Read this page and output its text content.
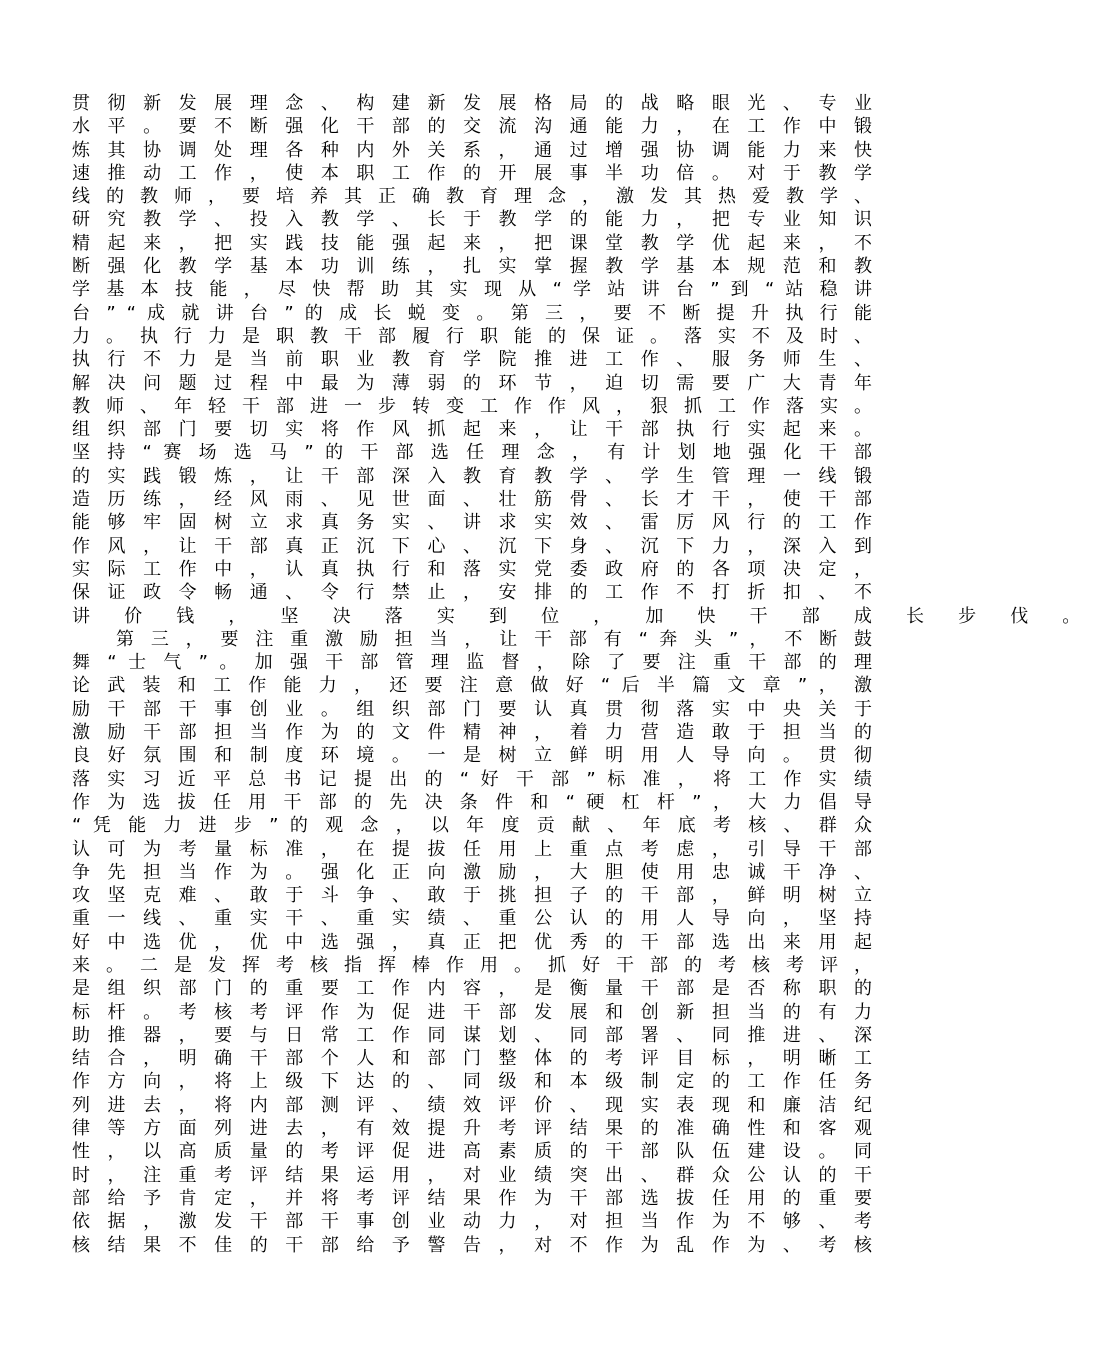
贯 彻 新 发 展 理 念 、 构 建 新 发 展 格 局 的 战 略 眼 光 、 专 业
水 平 。 要 不 断 强 化 干 部 的 交 流 沟 通 能 力 ， 在 工 作 中 锻
炼 其 协 调 处 理 各 种 内 外 关 系 ， 通 过 增 强 协 调 能 力 来 快
速 推 动 工 作 ， 使 本 职 工 作 的 开 展 事 半 功 倍 。 对 于 教 学
线 的 教 师 ， 要 培 养 其 正 确 教 育 理 念 ， 激 发 其 热 爱 教 学 、
研 究 教 学 、 投 入 教 学 、 长 于 教 学 的 能 力 ， 把 专 业 知 识
精 起 来 ， 把 实 践 技 能 强 起 来 ， 把 课 堂 教 学 优 起 来 ， 不
断 强 化 教 学 基 本 功 训 练 ， 扎 实 掌 握 教 学 基 本 规 范 和 教
学 基 本 技 能 ， 尽 快 帮 助 其 实 现 从 “ 学 站 讲 台 ” 到 “ 站 稳 讲
台 ” “ 成 就 讲 台 ” 的 成 长 蜕 变 。 第 三 ， 要 不 断 提 升 执 行 能
力 。 执 行 力 是 职 教 干 部 履 行 职 能 的 保 证 。 落 实 不 及 时 、
执 行 不 力 是 当 前 职 业 教 育 学 院 推 进 工 作 、 服 务 师 生 、
解 决 问 题 过 程 中 最 为 薄 弱 的 环 节 ， 迫 切 需 要 广 大 青 年
教 师 、 年 轻 干 部 进 一 步 转 变 工 作 作 风 ， 狠 抓 工 作 落 实 。
组 织 部 门 要 切 实 将 作 风 抓 起 来 ， 让 干 部 执 行 实 起 来 。
坚 持 “ 赛 场 选 马 ” 的 干 部 选 任 理 念 ， 有 计 划 地 强 化 干 部
的 实 践 锻 炼 ， 让 干 部 深 入 教 育 教 学 、 学 生 管 理 一 线 锻
造 历 练 ， 经 风 雨 、 见 世 面 、 壮 筋 骨 、 长 才 干 ， 使 干 部
能 够 牢 固 树 立 求 真 务 实 、 讲 求 实 效 、 雷 厉 风 行 的 工 作
作 风 ， 让 干 部 真 正 沉 下 心 、 沉 下 身 、 沉 下 力 ， 深 入 到
实 际 工 作 中 ， 认 真 执 行 和 落 实 党 委 政 府 的 各 项 决 定 ，
保 证 政 令 畅 通 、 令 行 禁 止 ， 安 排 的 工 作 不 打 折 扣 、 不
讲 价 钱 ， 坚 决 落 实 到 位 ， 加 快 干 部 成 长 步 伐 。
第 三 ， 要 注 重 激 励 担 当 ， 让 干 部 有 “ 奔 头 ” ， 不 断 鼓
舞 “ 士 气 ” 。 加 强 干 部 管 理 监 督 ， 除 了 要 注 重 干 部 的 理
论 武 装 和 工 作 能 力 ， 还 要 注 意 做 好 “ 后 半 篇 文 章 ” ， 激
励 干 部 干 事 创 业 。 组 织 部 门 要 认 真 贯 彻 落 实 中 央 关 于
激 励 干 部 担 当 作 为 的 文 件 精 神 ， 着 力 营 造 敢 于 担 当 的
良 好 氛 围 和 制 度 环 境 。 一 是 树 立 鲜 明 用 人 导 向 。 贯 彻
落 实 习 近 平 总 书 记 提 出 的 “ 好 干 部 ” 标 准 ， 将 工 作 实 绩
作 为 选 拔 任 用 干 部 的 先 决 条 件 和 “ 硬 杠 杆 ” ， 大 力 倡 导
“ 凭 能 力 进 步 ” 的 观 念 ， 以 年 度 贡 献 、 年 底 考 核 、 群 众
认 可 为 考 量 标 准 ， 在 提 拔 任 用 上 重 点 考 虑 ， 引 导 干 部
争 先 担 当 作 为 。 强 化 正 向 激 励 ， 大 胆 使 用 忠 诚 干 净 、
攻 坚 克 难 、 敢 于 斗 争 、 敢 于 挑 担 子 的 干 部 ， 鲜 明 树 立
重 一 线 、 重 实 干 、 重 实 绩 、 重 公 认 的 用 人 导 向 ， 坚 持
好 中 选 优 ， 优 中 选 强 ， 真 正 把 优 秀 的 干 部 选 出 来 用 起
来 。 二 是 发 挥 考 核 指 挥 棒 作 用 。 抓 好 干 部 的 考 核 考 评 ，
是 组 织 部 门 的 重 要 工 作 内 容 ， 是 衡 量 干 部 是 否 称 职 的
标 杆 。 考 核 考 评 作 为 促 进 干 部 发 展 和 创 新 担 当 的 有 力
助 推 器 ， 要 与 日 常 工 作 同 谋 划 、 同 部 署 、 同 推 进 、 深
结 合 ， 明 确 干 部 个 人 和 部 门 整 体 的 考 评 目 标 ， 明 晰 工
作 方 向 ， 将 上 级 下 达 的 、 同 级 和 本 级 制 定 的 工 作 任 务
列 进 去 ， 将 内 部 测 评 、 绩 效 评 价 、 现 实 表 现 和 廉 洁 纪
律 等 方 面 列 进 去 ， 有 效 提 升 考 评 结 果 的 准 确 性 和 客 观
性 ， 以 高 质 量 的 考 评 促 进 高 素 质 的 干 部 队 伍 建 设 。 同
时 ， 注 重 考 评 结 果 运 用 ， 对 业 绩 突 出 、 群 众 公 认 的 干
部 给 予 肯 定 ， 并 将 考 评 结 果 作 为 干 部 选 拔 任 用 的 重 要
依 据 ， 激 发 干 部 干 事 创 业 动 力 ， 对 担 当 作 为 不 够 、 考
核 结 果 不 佳 的 干 部 给 予 警 告 ， 对 不 作 为 乱 作 为 、 考 核
